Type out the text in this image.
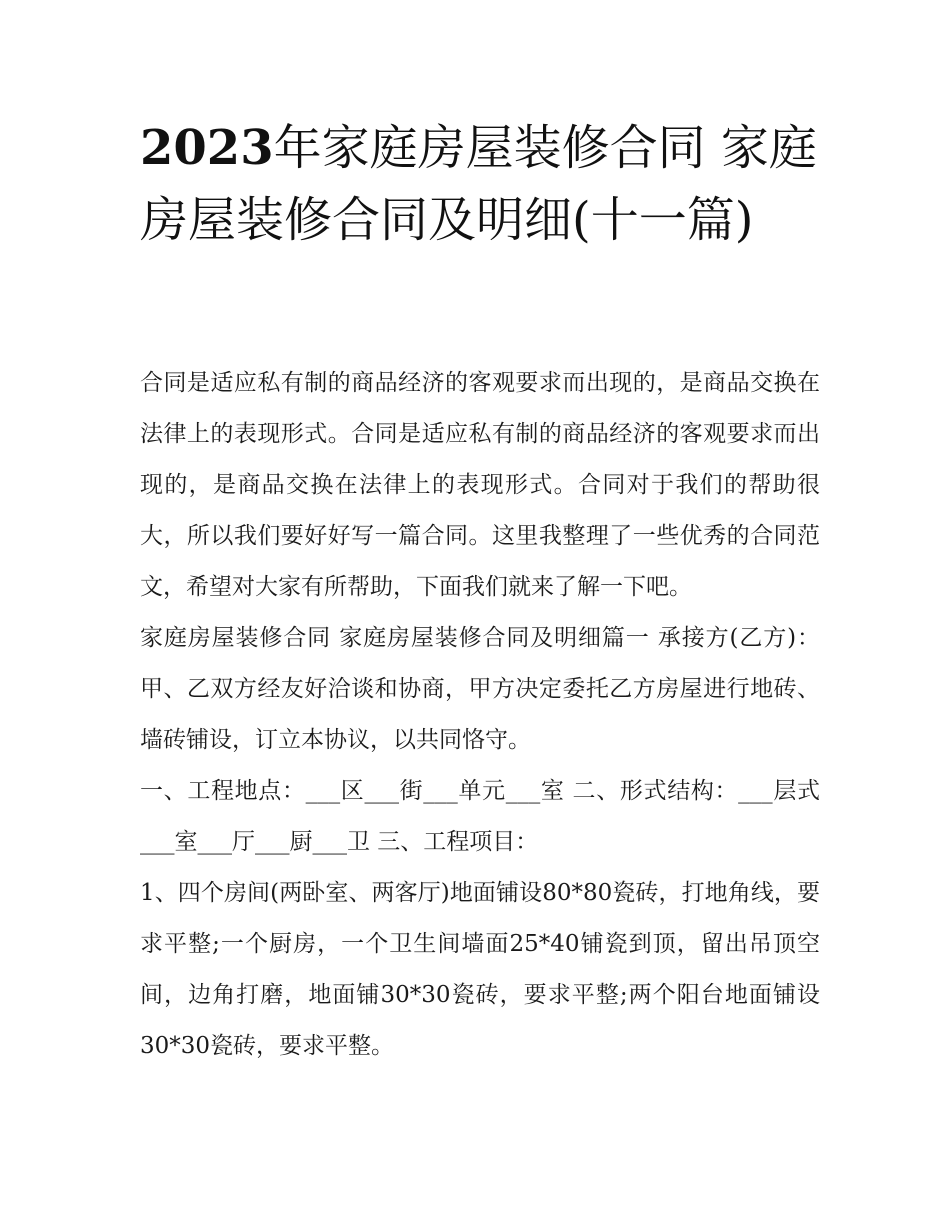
2023年家庭房屋装修合同 家庭房屋装修合同及明细(十一篇)

合同是适应私有制的商品经济的客观要求而出现的，是商品交换在法律上的表现形式。合同是适应私有制的商品经济的客观要求而出现的，是商品交换在法律上的表现形式。合同对于我们的帮助很大，所以我们要好好写一篇合同。这里我整理了一些优秀的合同范文，希望对大家有所帮助，下面我们就来了解一下吧。

家庭房屋装修合同 家庭房屋装修合同及明细篇一 承接方(乙方)： 甲、乙双方经友好洽谈和协商，甲方决定委托乙方房屋进行地砖、墙砖铺设，订立本协议，以共同恪守。

一、工程地点：___区___街___单元___室 二、形式结构：___层式___室___厅___厨___卫 三、工程项目：

1、四个房间(两卧室、两客厅)地面铺设80*80瓷砖，打地角线，要求平整;一个厨房，一个卫生间墙面25*40铺瓷到顶，留出吊顶空间，边角打磨，地面铺30*30瓷砖，要求平整;两个阳台地面铺设30*30瓷砖，要求平整。
